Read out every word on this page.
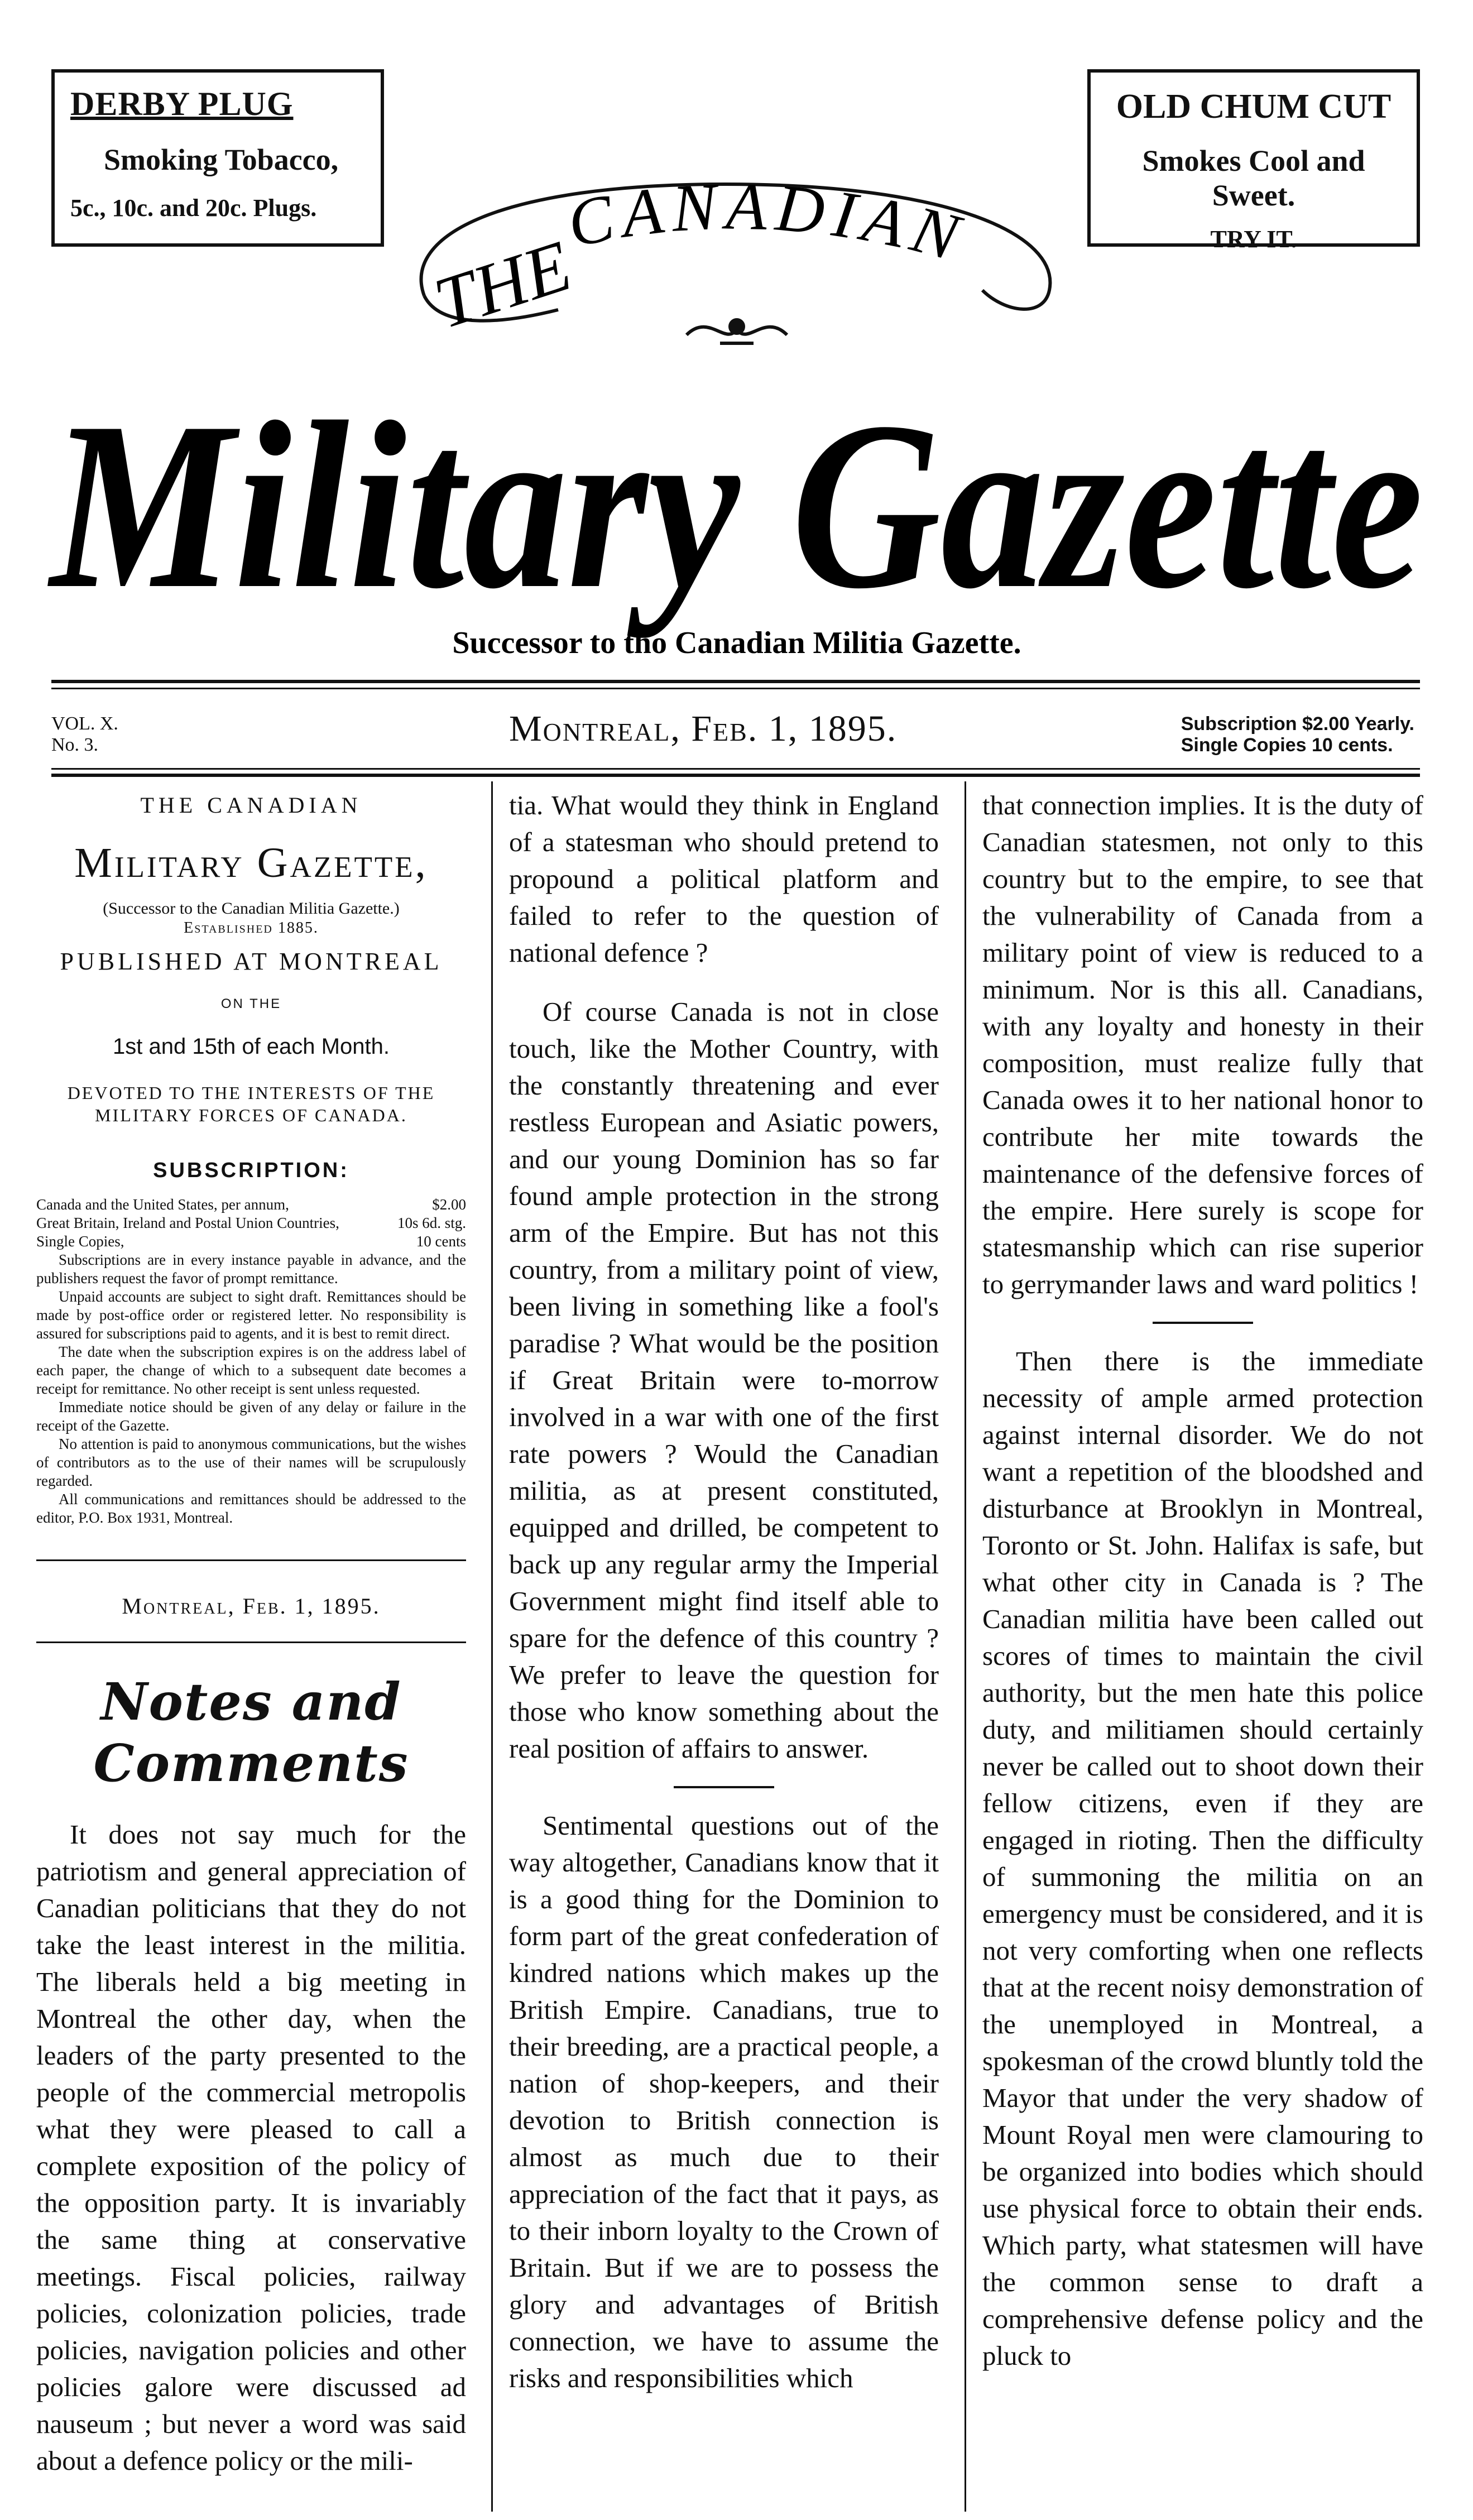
DERBY PLUG
Smoking Tobacco,
5c., 10c. and 20c. Plugs.
OLD CHUM CUT
Smokes Cool and Sweet.
TRY IT.
THE
CANADIAN
Military Gazette
Successor to tho Canadian Militia Gazette.
VOL. X.
No. 3.	Montreal, Feb. 1, 1895.	Subscription $2.00 Yearly.
Single Copies 10 cents.
THE CANADIAN
Military Gazette,
(Successor to the Canadian Militia Gazette.)
Established 1885.
PUBLISHED AT MONTREAL
ON THE
1st and 15th of each Month.
DEVOTED TO THE INTERESTS OF THE MILITARY FORCES OF CANADA.
SUBSCRIPTION:
Canada and the United States, per annum,	$2.00
Great Britain, Ireland and Postal Union Countries,	10s 6d. stg.
Single Copies,	10 cents

Subscriptions are in every instance payable in advance, and the publishers request the favor of prompt remittance.

Unpaid accounts are subject to sight draft. Remittances should be made by post-office order or registered letter. No responsibility is assured for subscriptions paid to agents, and it is best to remit direct.

The date when the subscription expires is on the address label of each paper, the change of which to a subsequent date becomes a receipt for remittance. No other receipt is sent unless requested.

Immediate notice should be given of any delay or failure in the receipt of the Gazette.

No attention is paid to anonymous communications, but the wishes of contributors as to the use of their names will be scrupulously regarded.

All communications and remittances should be addressed to the editor, P.O. Box 1931, Montreal.

Montreal, Feb. 1, 1895.
Notes and Comments

It does not say much for the patriotism and general appreciation of Canadian politicians that they do not take the least interest in the militia. The liberals held a big meeting in Montreal the other day, when the leaders of the party presented to the people of the commercial metropolis what they were pleased to call a complete exposition of the policy of the opposition party. It is invariably the same thing at conservative meetings. Fiscal policies, railway policies, colonization policies, trade policies, navigation policies and other policies galore were discussed ad nauseum ; but never a word was said about a defence policy or the mili-

tia. What would they think in England of a statesman who should pretend to propound a political platform and failed to refer to the question of national defence ?

Of course Canada is not in close touch, like the Mother Country, with the constantly threatening and ever restless European and Asiatic powers, and our young Dominion has so far found ample protection in the strong arm of the Empire. But has not this country, from a military point of view, been living in something like a fool's paradise ? What would be the position if Great Britain were to-morrow involved in a war with one of the first rate powers ? Would the Canadian militia, as at present constituted, equipped and drilled, be competent to back up any regular army the Imperial Government might find itself able to spare for the defence of this country ? We prefer to leave the question for those who know something about the real position of affairs to answer.

Sentimental questions out of the way altogether, Canadians know that it is a good thing for the Dominion to form part of the great confederation of kindred nations which makes up the British Empire. Canadians, true to their breeding, are a practical people, a nation of shop-keepers, and their devotion to British connection is almost as much due to their appreciation of the fact that it pays, as to their inborn loyalty to the Crown of Britain. But if we are to possess the glory and advantages of British connection, we have to assume the risks and responsibilities which

that connection implies. It is the duty of Canadian statesmen, not only to this country but to the empire, to see that the vulnerability of Canada from a military point of view is reduced to a minimum. Nor is this all. Canadians, with any loyalty and honesty in their composition, must realize fully that Canada owes it to her national honor to contribute her mite towards the maintenance of the defensive forces of the empire. Here surely is scope for statesmanship which can rise superior to gerrymander laws and ward politics !

Then there is the immediate necessity of ample armed protection against internal disorder. We do not want a repetition of the bloodshed and disturbance at Brooklyn in Montreal, Toronto or St. John. Halifax is safe, but what other city in Canada is ? The Canadian militia have been called out scores of times to maintain the civil authority, but the men hate this police duty, and militiamen should certainly never be called out to shoot down their fellow citizens, even if they are engaged in rioting. Then the difficulty of summoning the militia on an emergency must be considered, and it is not very comforting when one reflects that at the recent noisy demonstration of the unemployed in Montreal, a spokesman of the crowd bluntly told the Mayor that under the very shadow of Mount Royal men were clamouring to be organized into bodies which should use physical force to obtain their ends. Which party, what statesmen will have the common sense to draft a comprehensive defense policy and the pluck to
